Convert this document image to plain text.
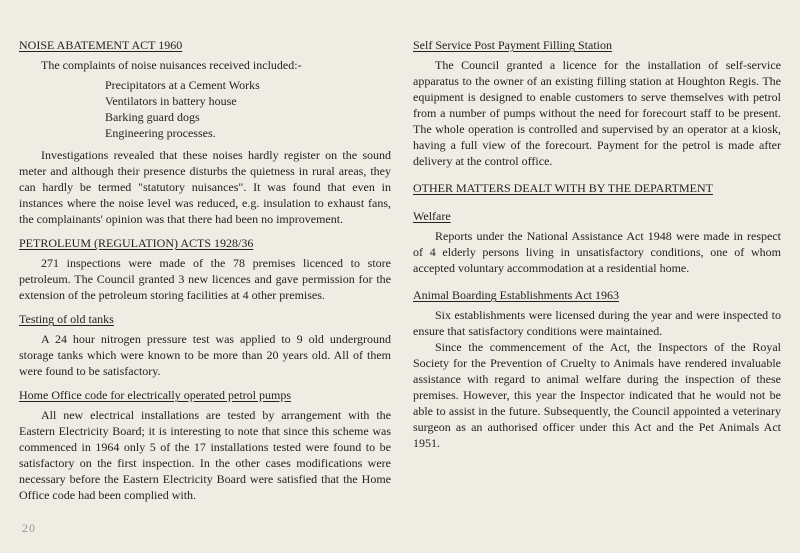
NOISE ABATEMENT ACT 1960

The complaints of noise nuisances received included:-

Precipitators at a Cement Works
Ventilators in battery house
Barking guard dogs
Engineering processes.

Investigations revealed that these noises hardly register on the sound meter and although their presence disturbs the quietness in rural areas, they can hardly be termed "statutory nuisances". It was found that even in instances where the noise level was reduced, e.g. insulation to exhaust fans, the complainants' opinion was that there had been no improvement.

PETROLEUM (REGULATION) ACTS 1928/36

271 inspections were made of the 78 premises licenced to store petroleum. The Council granted 3 new licences and gave permission for the extension of the petroleum storing facilities at 4 other premises.

Testing of old tanks

A 24 hour nitrogen pressure test was applied to 9 old underground storage tanks which were known to be more than 20 years old. All of them were found to be satisfactory.

Home Office code for electrically operated petrol pumps

All new electrical installations are tested by arrangement with the Eastern Electricity Board; it is interesting to note that since this scheme was commenced in 1964 only 5 of the 17 installations tested were found to be satisfactory on the first inspection. In the other cases modifications were necessary before the Eastern Electricity Board were satisfied that the Home Office code had been complied with.

Self Service Post Payment Filling Station

The Council granted a licence for the installation of self-service apparatus to the owner of an existing filling station at Houghton Regis. The equipment is designed to enable customers to serve themselves with petrol from a number of pumps without the need for forecourt staff to be present. The whole operation is controlled and supervised by an operator at a kiosk, having a full view of the forecourt. Payment for the petrol is made after delivery at the control office.

OTHER MATTERS DEALT WITH BY THE DEPARTMENT

Welfare

Reports under the National Assistance Act 1948 were made in respect of 4 elderly persons living in unsatisfactory conditions, one of whom accepted voluntary accommodation at a residential home.

Animal Boarding Establishments Act 1963

Six establishments were licensed during the year and were inspected to ensure that satisfactory conditions were maintained.

Since the commencement of the Act, the Inspectors of the Royal Society for the Prevention of Cruelty to Animals have rendered invaluable assistance with regard to animal welfare during the inspection of these premises. However, this year the Inspector indicated that he would not be able to assist in the future. Subsequently, the Council appointed a veterinary surgeon as an authorised officer under this Act and the Pet Animals Act 1951.

20
